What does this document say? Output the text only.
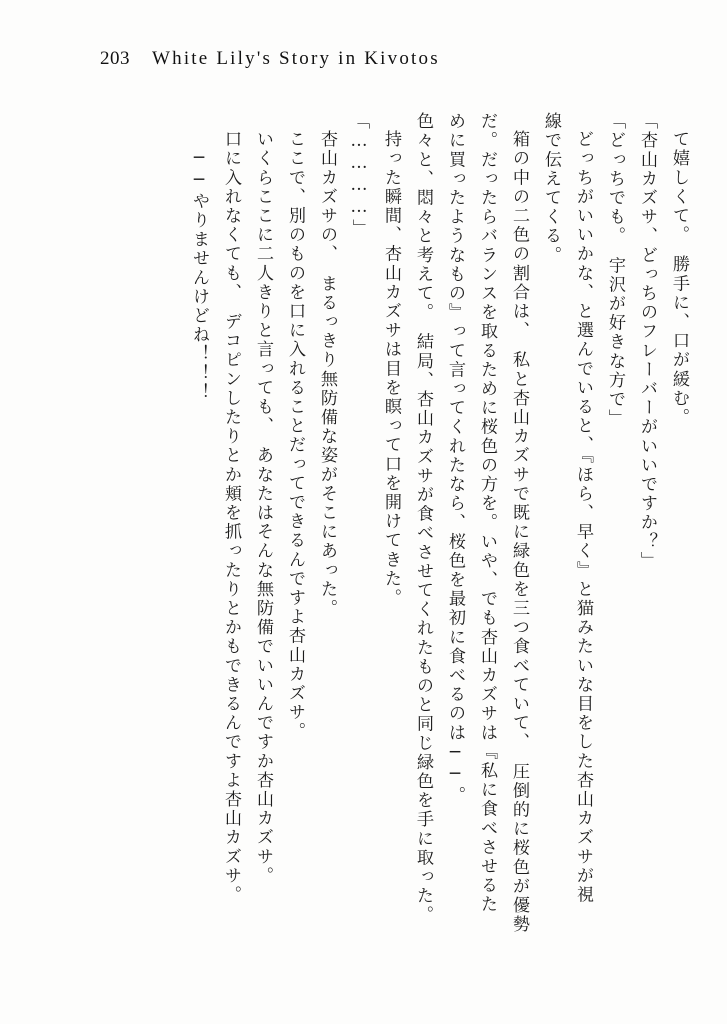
203 White Lily's Story in Kivotos
て嬉しくて。　勝手に、口が緩む。
「杏山カズサ、どっちのフレーバーがいいですか？」
「どっちでも。　宇沢が好きな方で」
どっちがいいかな、と選んでいると、『ほら、早く』と猫みたいな目をした杏山カズサが視
線で伝えてくる。
箱の中の二色の割合は、　私と杏山カズサで既に緑色を三つ食べていて、　圧倒的に桜色が優勢
だ。だったらバランスを取るために桜色の方を。いや、でも杏山カズサは『私に食べさせるた
めに買ったようなもの』って言ってくれたなら、桜色を最初に食べるのは──。
色々と、悶々と考えて。　結局、杏山カズサが食べさせてくれたものと同じ緑色を手に取った。
持った瞬間、杏山カズサは目を瞑って口を開けてきた。
「…………」
杏山カズサの、　まるっきり無防備な姿がそこにあった。
ここで、別のものを口に入れることだってできるんですよ杏山カズサ。
いくらここに二人きりと言っても、　あなたはそんな無防備でいいんですか杏山カズサ。
口に入れなくても、　デコピンしたりとか頬を抓ったりとかもできるんですよ杏山カズサ。
──やりませんけどね！！！
